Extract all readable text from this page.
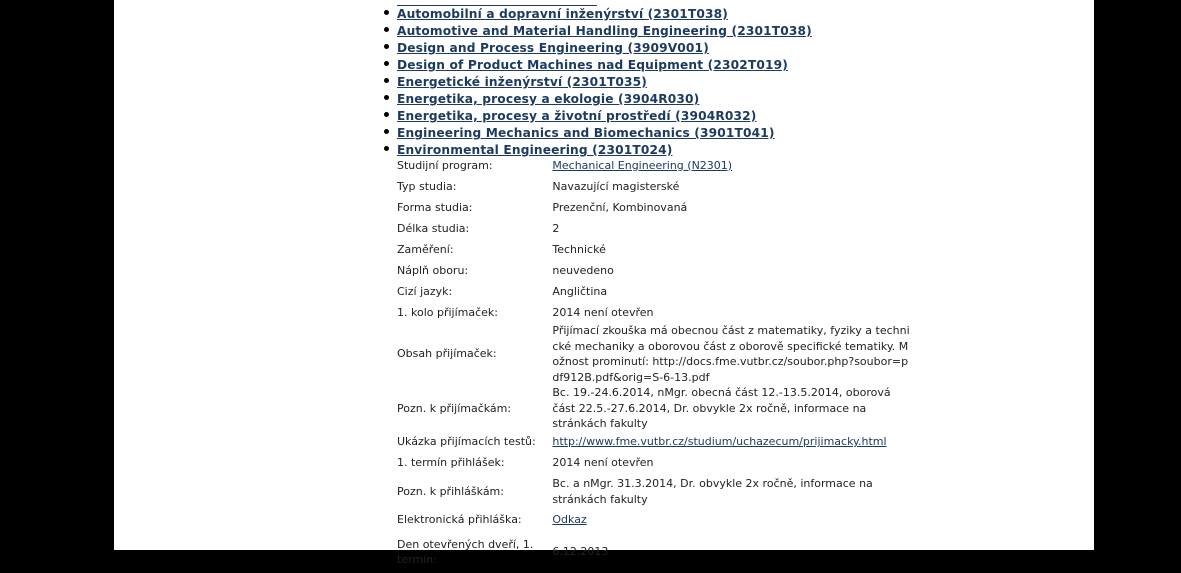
Automobilní a dopravní inženýrství (2301T038)
Automotive and Material Handling Engineering (2301T038)
Design and Process Engineering (3909V001)
Design of Product Machines nad Equipment (2302T019)
Energetické inženýrství (2301T035)
Energetika, procesy a ekologie (3904R030)
Energetika, procesy a životní prostředí (3904R032)
Engineering Mechanics and Biomechanics (3901T041)
Environmental Engineering (2301T024)
Studijní program:	Mechanical Engineering (N2301)
Typ studia:	Navazující magisterské
Forma studia:	Prezenční, Kombinovaná
Délka studia:	2
Zaměření:	Technické
Náplň oboru:	neuvedeno
Cizí jazyk:	Angličtina
1. kolo přijímaček:	2014 není otevřen
Obsah přijímaček:	Přijímací zkouška má obecnou část z matematiky, fyziky a technické mechaniky a oborovou část z oborově specifické tematiky. Možnost prominutí: http://docs.fme.vutbr.cz/soubor.php?soubor=pdf912B.pdf&orig=S-6-13.pdf
Pozn. k přijímačkám:	Bc. 19.-24.6.2014, nMgr. obecná část 12.-13.5.2014, oborová část 22.5.-27.6.2014, Dr. obvykle 2x ročně, informace na stránkách fakulty
Ukázka přijímacích testů:	http://www.fme.vutbr.cz/studium/uchazecum/prijimacky.html
1. termín přihlášek:	2014 není otevřen
Pozn. k přihláškám:	Bc. a nMgr. 31.3.2014, Dr. obvykle 2x ročně, informace na stránkách fakulty
Elektronická přihláška:	Odkaz
Den otevřených dveří, 1. termín:	6.12.2013
